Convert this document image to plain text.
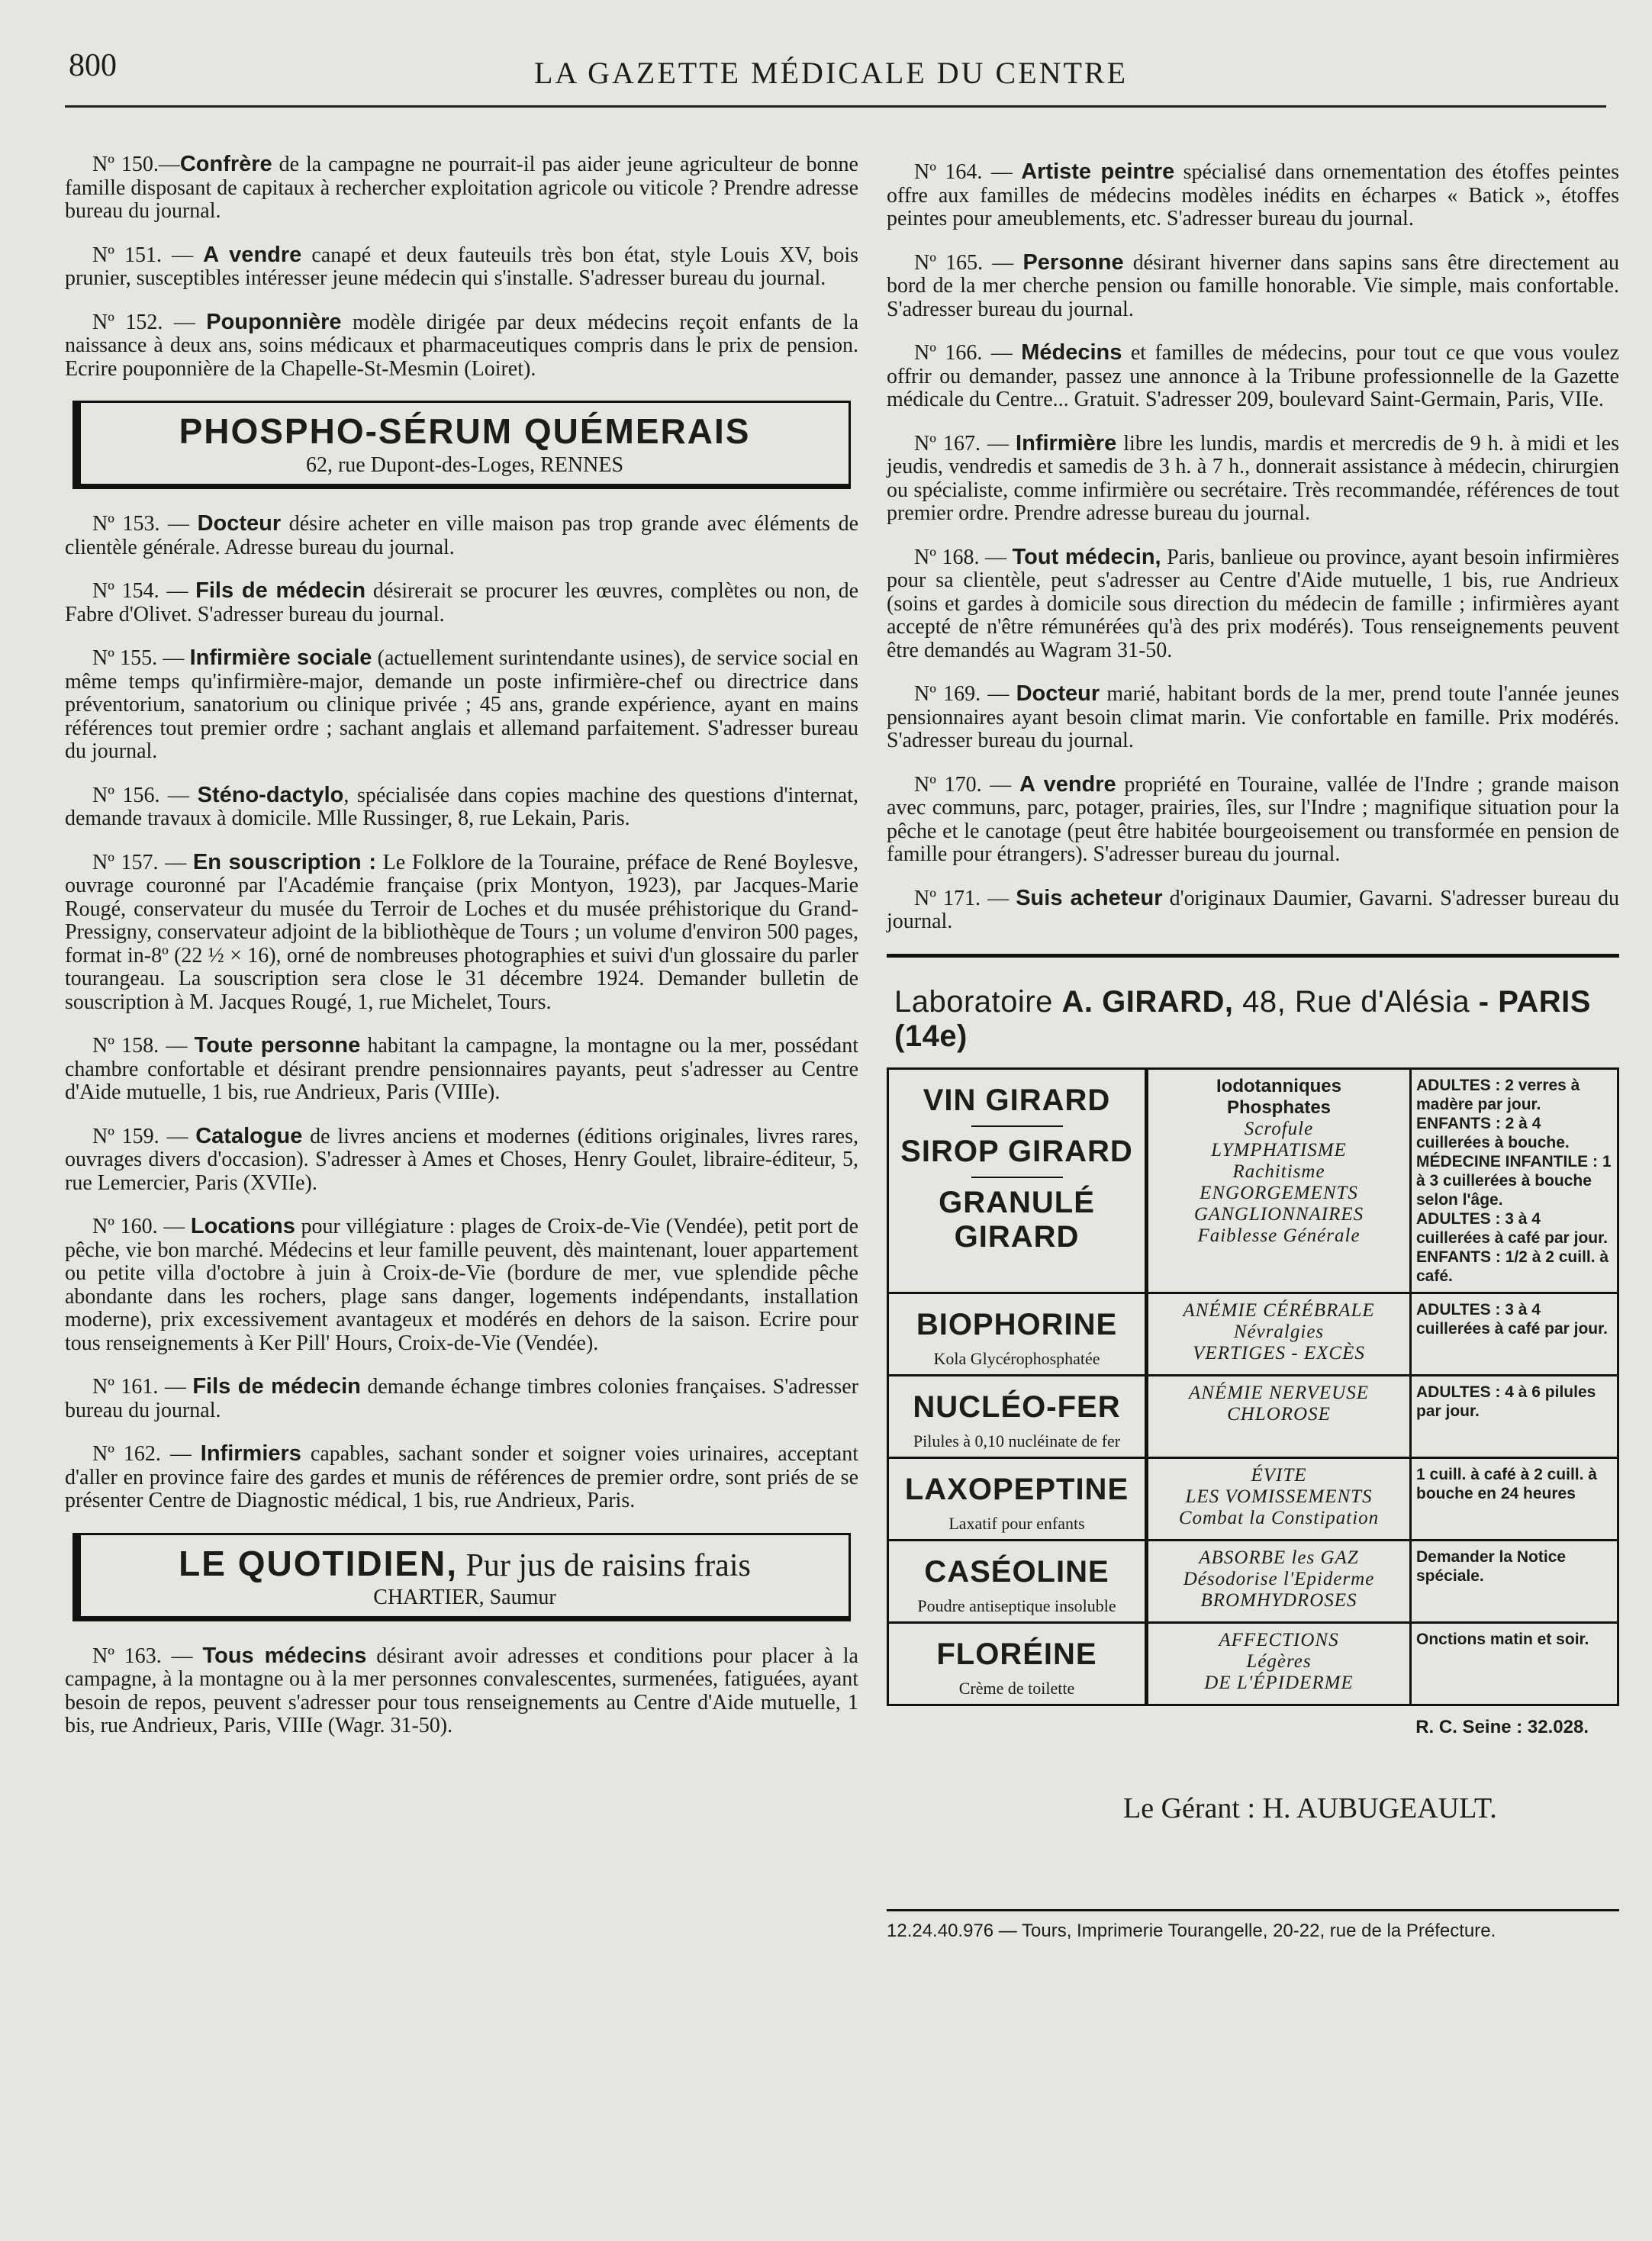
800	LA GAZETTE MÉDICALE DU CENTRE

Nº 150.—Confrère de la campagne ne pourrait-il pas aider jeune agriculteur de bonne famille disposant de capitaux à rechercher exploitation agricole ou viticole ? Prendre adresse bureau du journal.

Nº 151. — A vendre canapé et deux fauteuils très bon état, style Louis XV, bois prunier, susceptibles intéresser jeune médecin qui s'installe. S'adresser bureau du journal.

Nº 152. — Pouponnière modèle dirigée par deux médecins reçoit enfants de la naissance à deux ans, soins médicaux et pharmaceutiques compris dans le prix de pension. Ecrire pouponnière de la Chapelle-St-Mesmin (Loiret).

PHOSPHO-SÉRUM QUÉMERAIS
62, rue Dupont-des-Loges, RENNES

Nº 153. — Docteur désire acheter en ville maison pas trop grande avec éléments de clientèle générale. Adresse bureau du journal.

Nº 154. — Fils de médecin désirerait se procurer les œuvres, complètes ou non, de Fabre d'Olivet. S'adresser bureau du journal.

Nº 155. — Infirmière sociale (actuellement surintendante usines), de service social en même temps qu'infirmière-major, demande un poste infirmière-chef ou directrice dans préventorium, sanatorium ou clinique privée ; 45 ans, grande expérience, ayant en mains références tout premier ordre ; sachant anglais et allemand parfaitement. S'adresser bureau du journal.

Nº 156. — Sténo-dactylo, spécialisée dans copies machine des questions d'internat, demande travaux à domicile. Mlle Russinger, 8, rue Lekain, Paris.

Nº 157. — En souscription : Le Folklore de la Touraine, préface de René Boylesve, ouvrage couronné par l'Académie française (prix Montyon, 1923), par Jacques-Marie Rougé, conservateur du musée du Terroir de Loches et du musée préhistorique du Grand-Pressigny, conservateur adjoint de la bibliothèque de Tours ; un volume d'environ 500 pages, format in-8º (22 ½ × 16), orné de nombreuses photographies et suivi d'un glossaire du parler tourangeau. La souscription sera close le 31 décembre 1924. Demander bulletin de souscription à M. Jacques Rougé, 1, rue Michelet, Tours.

Nº 158. — Toute personne habitant la campagne, la montagne ou la mer, possédant chambre confortable et désirant prendre pensionnaires payants, peut s'adresser au Centre d'Aide mutuelle, 1 bis, rue Andrieux, Paris (VIIIe).

Nº 159. — Catalogue de livres anciens et modernes (éditions originales, livres rares, ouvrages divers d'occasion). S'adresser à Ames et Choses, Henry Goulet, libraire-éditeur, 5, rue Lemercier, Paris (XVIIe).

Nº 160. — Locations pour villégiature : plages de Croix-de-Vie (Vendée), petit port de pêche, vie bon marché. Médecins et leur famille peuvent, dès maintenant, louer appartement ou petite villa d'octobre à juin à Croix-de-Vie (bordure de mer, vue splendide pêche abondante dans les rochers, plage sans danger, logements indépendants, installation moderne), prix excessivement avantageux et modérés en dehors de la saison. Ecrire pour tous renseignements à Ker Pill' Hours, Croix-de-Vie (Vendée).

Nº 161. — Fils de médecin demande échange timbres colonies françaises. S'adresser bureau du journal.

Nº 162. — Infirmiers capables, sachant sonder et soigner voies urinaires, acceptant d'aller en province faire des gardes et munis de références de premier ordre, sont priés de se présenter Centre de Diagnostic médical, 1 bis, rue Andrieux, Paris.

LE QUOTIDIEN, Pur jus de raisins frais
CHARTIER, Saumur

Nº 163. — Tous médecins désirant avoir adresses et conditions pour placer à la campagne, à la montagne ou à la mer personnes convalescentes, surmenées, fatiguées, ayant besoin de repos, peuvent s'adresser pour tous renseignements au Centre d'Aide mutuelle, 1 bis, rue Andrieux, Paris, VIIIe (Wagr. 31-50).

Nº 164. — Artiste peintre spécialisé dans ornementation des étoffes peintes offre aux familles de médecins modèles inédits en écharpes « Batick », étoffes peintes pour ameublements, etc. S'adresser bureau du journal.

Nº 165. — Personne désirant hiverner dans sapins sans être directement au bord de la mer cherche pension ou famille honorable. Vie simple, mais confortable. S'adresser bureau du journal.

Nº 166. — Médecins et familles de médecins, pour tout ce que vous voulez offrir ou demander, passez une annonce à la Tribune professionnelle de la Gazette médicale du Centre... Gratuit. S'adresser 209, boulevard Saint-Germain, Paris, VIIe.

Nº 167. — Infirmière libre les lundis, mardis et mercredis de 9 h. à midi et les jeudis, vendredis et samedis de 3 h. à 7 h., donnerait assistance à médecin, chirurgien ou spécialiste, comme infirmière ou secrétaire. Très recommandée, références de tout premier ordre. Prendre adresse bureau du journal.

Nº 168. — Tout médecin, Paris, banlieue ou province, ayant besoin infirmières pour sa clientèle, peut s'adresser au Centre d'Aide mutuelle, 1 bis, rue Andrieux (soins et gardes à domicile sous direction du médecin de famille ; infirmières ayant accepté de n'être rémunérées qu'à des prix modérés). Tous renseignements peuvent être demandés au Wagram 31-50.

Nº 169. — Docteur marié, habitant bords de la mer, prend toute l'année jeunes pensionnaires ayant besoin climat marin. Vie confortable en famille. Prix modérés. S'adresser bureau du journal.

Nº 170. — A vendre propriété en Touraine, vallée de l'Indre ; grande maison avec communs, parc, potager, prairies, îles, sur l'Indre ; magnifique situation pour la pêche et le canotage (peut être habitée bourgeoisement ou transformée en pension de famille pour étrangers). S'adresser bureau du journal.

Nº 171. — Suis acheteur d'originaux Daumier, Gavarni. S'adresser bureau du journal.

Laboratoire A. GIRARD, 48, Rue d'Alésia - PARIS (14e)
VIN GIRARD
SIROP GIRARD
GRANULÉ GIRARD
Iodotanniques
Phosphates
Scrofule
LYMPHATISME
Rachitisme
ENGORGEMENTS
GANGLIONNAIRES
Faiblesse Générale
ADULTES : 2 verres à madère par jour.
ENFANTS : 2 à 4 cuillerées à bouche.
MÉDECINE INFANTILE : 1 à 3 cuillerées à bouche selon l'âge.
ADULTES : 3 à 4 cuillerées à café par jour.
ENFANTS : 1/2 à 2 cuill. à café.
BIOPHORINE
Kola Glycérophosphatée
ANÉMIE CÉRÉBRALE
Névralgies
VERTIGES - EXCÈS
ADULTES : 3 à 4 cuillerées à café par jour.
NUCLÉO-FER
Pilules à 0,10 nucléinate de fer
ANÉMIE NERVEUSE
CHLOROSE
ADULTES : 4 à 6 pilules par jour.
LAXOPEPTINE
Laxatif pour enfants
ÉVITE
LES VOMISSEMENTS
Combat la Constipation
1 cuill. à café à 2 cuill. à bouche en 24 heures
CASÉOLINE
Poudre antiseptique insoluble
ABSORBE les GAZ
Désodorise l'Epiderme
BROMHYDROSES
Demander la Notice spéciale.
FLORÉINE
Crème de toilette
AFFECTIONS
Légères
DE L'ÉPIDERME
Onctions matin et soir.
R. C. Seine : 32.028.
Le Gérant : H. AUBUGEAULT.
12.24.40.976 — Tours, Imprimerie Tourangelle, 20-22, rue de la Préfecture.
